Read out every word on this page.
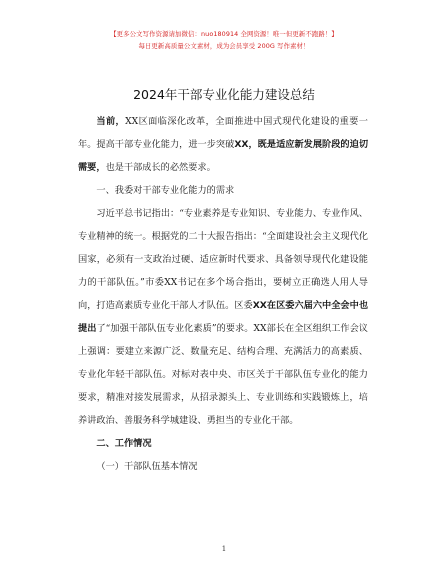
【更多公文写作资源请加微信：nuo180914 全网资源！唯一但更新不跑路！】
每日更新高质量公文素材，成为会员享受 200G 写作素材！
2024年干部专业化能力建设总结

当前，XX区面临深化改革，全面推进中国式现代化建设的重要一年。提高干部专业化能力，进一步突破XX，既是适应新发展阶段的迫切需要，也是干部成长的必然要求。

一、我委对干部专业化能力的需求

习近平总书记指出：“专业素养是专业知识、专业能力、专业作风、专业精神的统一。根据党的二十大报告指出：“全面建设社会主义现代化国家，必须有一支政治过硬、适应新时代要求、具备领导现代化建设能力的干部队伍。”市委XX书记在多个场合指出，要树立正确选人用人导向，打造高素质专业化干部人才队伍。区委XX在区委六届六中全会中也提出了“加强干部队伍专业化素质”的要求。XX部长在全区组织工作会议上强调：要建立来源广泛、数量充足、结构合理、充满活力的高素质、专业化年轻干部队伍。对标对表中央、市区关于干部队伍专业化的能力要求，精准对接发展需求，从招录源头上、专业训练和实践锻炼上，培养讲政治、善服务科学城建设、勇担当的专业化干部。

二、工作情况

（一）干部队伍基本情况

1
